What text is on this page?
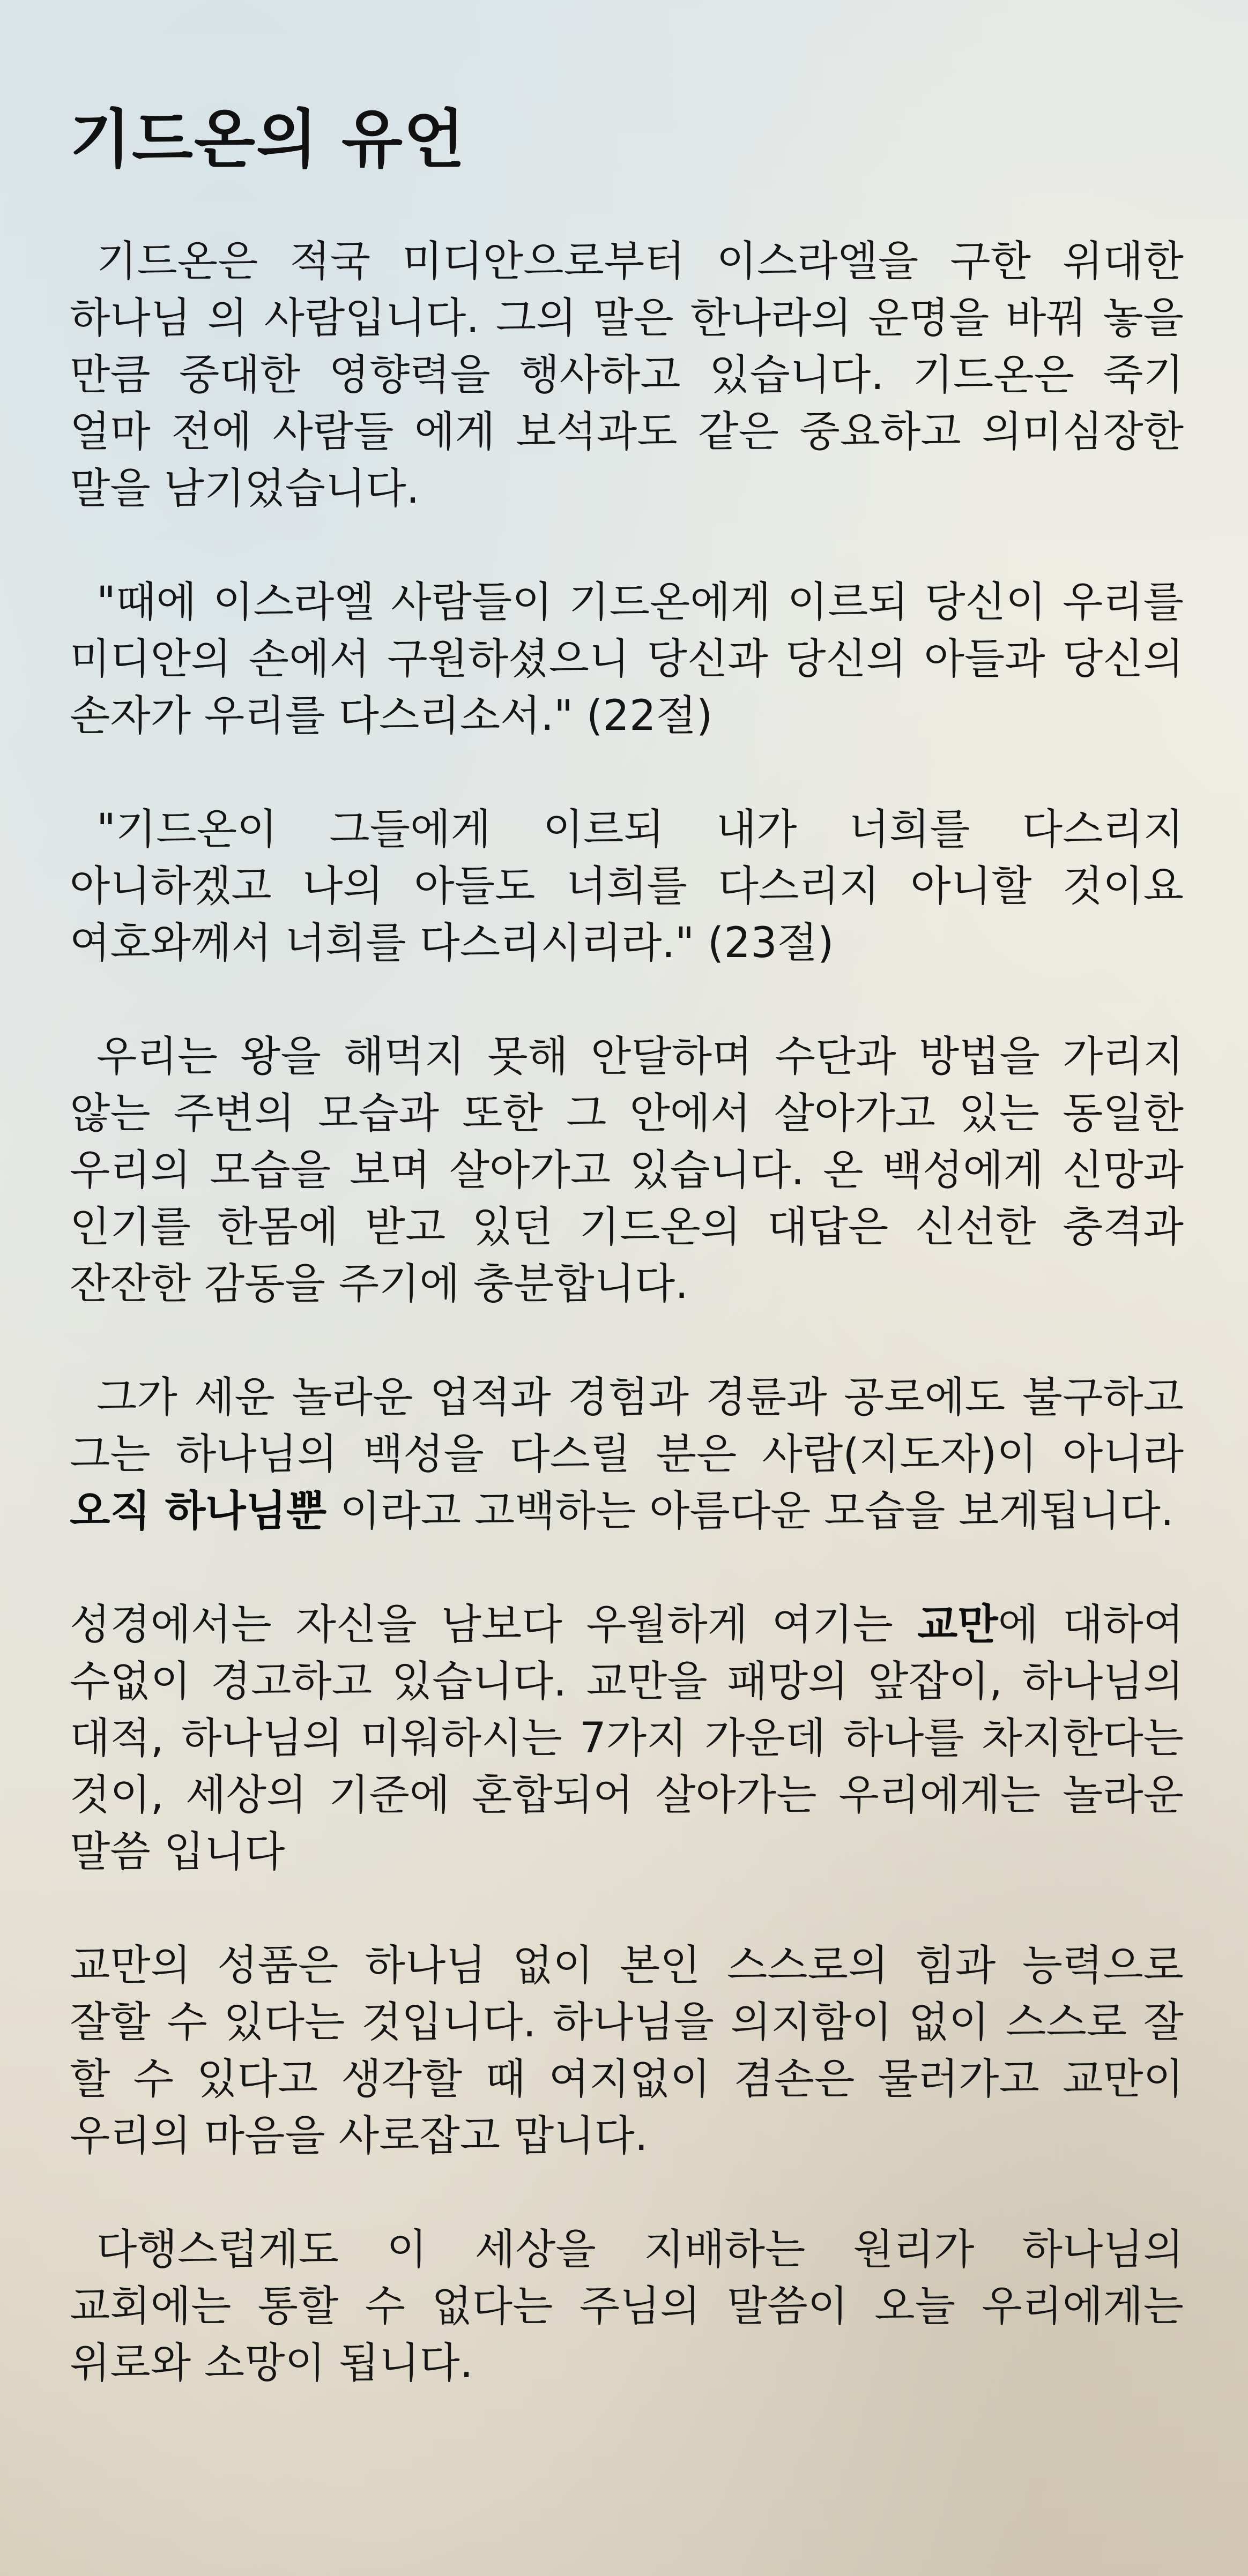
기드온의 유언

기드온은 적국 미디안으로부터 이스라엘을 구한 위대한 하나님 의 사람입니다. 그의 말은 한나라의 운명을 바꿔 놓을 만큼 중대한 영향력을 행사하고 있습니다. 기드온은 죽기 얼마 전에 사람들 에게 보석과도 같은 중요하고 의미심장한 말을 남기었습니다.

"때에 이스라엘 사람들이 기드온에게 이르되 당신이 우리를 미디안의 손에서 구원하셨으니 당신과 당신의 아들과 당신의 손자가 우리를 다스리소서." (22절)

"기드온이 그들에게 이르되 내가 너희를 다스리지 아니하겠고 나의 아들도 너희를 다스리지 아니할 것이요 여호와께서 너희를 다스리시리라." (23절)

우리는 왕을 해먹지 못해 안달하며 수단과 방법을 가리지 않는 주변의 모습과 또한 그 안에서 살아가고 있는 동일한 우리의 모습을 보며 살아가고 있습니다. 온 백성에게 신망과 인기를 한몸에 받고 있던 기드온의 대답은 신선한 충격과 잔잔한 감동을 주기에 충분합니다.

그가 세운 놀라운 업적과 경험과 경륜과 공로에도 불구하고 그는 하나님의 백성을 다스릴 분은 사람(지도자)이 아니라 오직 하나님뿐 이라고 고백하는 아름다운 모습을 보게됩니다.

성경에서는 자신을 남보다 우월하게 여기는 교만에 대하여 수없이 경고하고 있습니다. 교만을 패망의 앞잡이, 하나님의 대적, 하나님의 미워하시는 7가지 가운데 하나를 차지한다는 것이, 세상의 기준에 혼합되어 살아가는 우리에게는 놀라운 말씀 입니다

교만의 성품은 하나님 없이 본인 스스로의 힘과 능력으로 잘할 수 있다는 것입니다. 하나님을 의지함이 없이 스스로 잘 할 수 있다고 생각할 때 여지없이 겸손은 물러가고 교만이 우리의 마음을 사로잡고 맙니다.

다행스럽게도 이 세상을 지배하는 원리가 하나님의 교회에는 통할 수 없다는 주님의 말씀이 오늘 우리에게는 위로와 소망이 됩니다.
